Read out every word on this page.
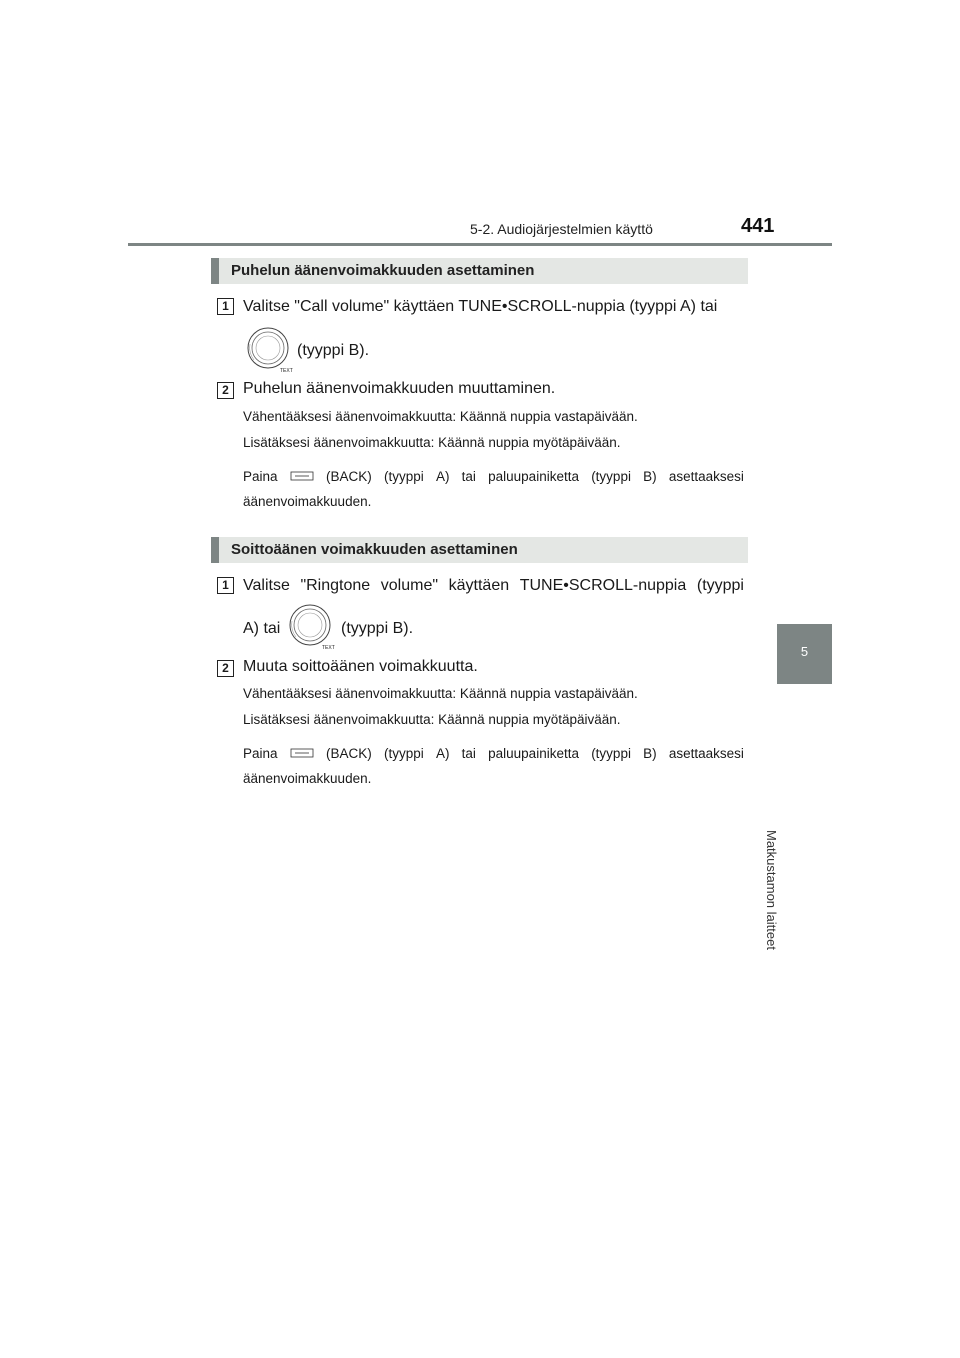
5-2. Audiojärjestelmien käyttö	441
5
Matkustamon laitteet
Puhelun äänenvoimakkuuden asettaminen
1 Valitse "Call volume" käyttäen TUNE•SCROLL-nuppia (tyyppi A) tai
TEXT
(tyyppi B).
2 Puhelun äänenvoimakkuuden muuttaminen.
Vähentääksesi äänenvoimakkuutta: Käännä nuppia vastapäivään.
Lisätäksesi äänenvoimakkuutta: Käännä nuppia myötäpäivään.
Paina	(BACK) (tyyppi A) tai paluupainiketta (tyyppi B) asettaaksesi
äänenvoimakkuuden.
Soittoäänen voimakkuuden asettaminen
1 Valitse "Ringtone volume" käyttäen TUNE•SCROLL-nuppia (tyyppi
A) tai
TEXT
(tyyppi B).
2 Muuta soittoäänen voimakkuutta.
Vähentääksesi äänenvoimakkuutta: Käännä nuppia vastapäivään.
Lisätäksesi äänenvoimakkuutta: Käännä nuppia myötäpäivään.
Paina	(BACK) (tyyppi A) tai paluupainiketta (tyyppi B) asettaaksesi
äänenvoimakkuuden.
